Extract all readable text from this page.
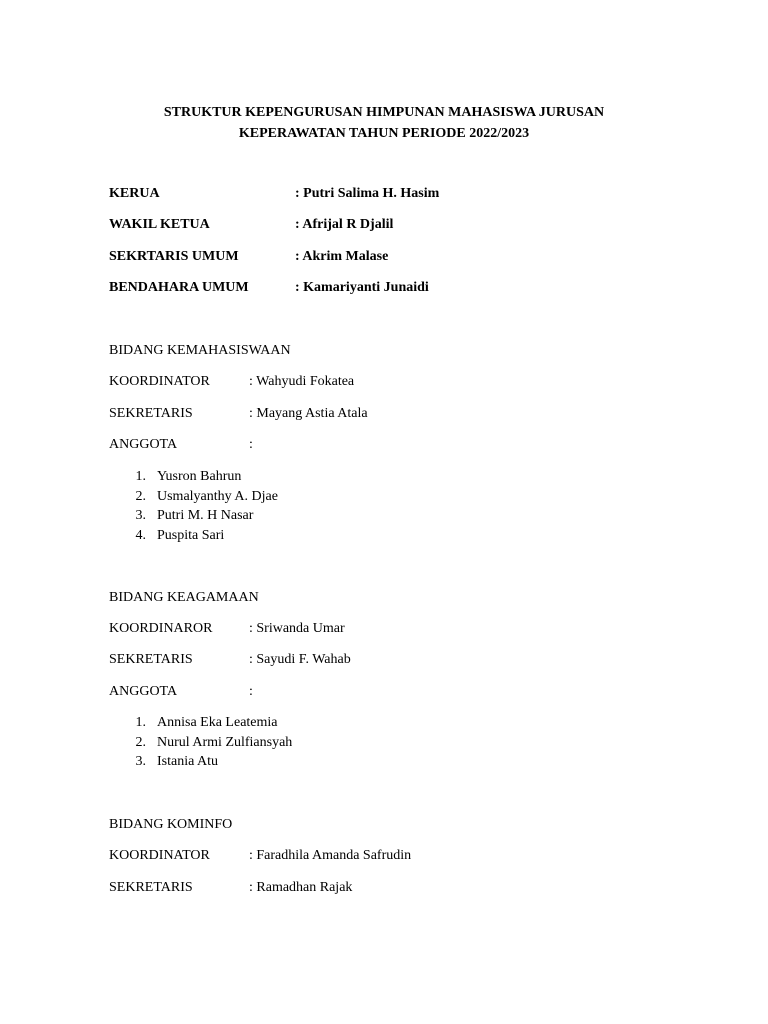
STRUKTUR KEPENGURUSAN HIMPUNAN MAHASISWA JURUSAN
KEPERAWATAN TAHUN PERIODE 2022/2023
KERUA	: Putri Salima H. Hasim
WAKIL KETUA	: Afrijal R Djalil
SEKRTARIS UMUM	: Akrim Malase
BENDAHARA UMUM	: Kamariyanti Junaidi
BIDANG KEMAHASISWAAN
KOORDINATOR	: Wahyudi Fokatea
SEKRETARIS	: Mayang Astia Atala
ANGGOTA	:
1. Yusron Bahrun
2. Usmalyanthy A. Djae
3. Putri M. H Nasar
4. Puspita Sari
BIDANG KEAGAMAAN
KOORDINAROR	: Sriwanda Umar
SEKRETARIS	: Sayudi F. Wahab
ANGGOTA	:
1. Annisa Eka Leatemia
2. Nurul Armi Zulfiansyah
3. Istania Atu
BIDANG KOMINFO
KOORDINATOR	: Faradhila Amanda Safrudin
SEKRETARIS	: Ramadhan Rajak
